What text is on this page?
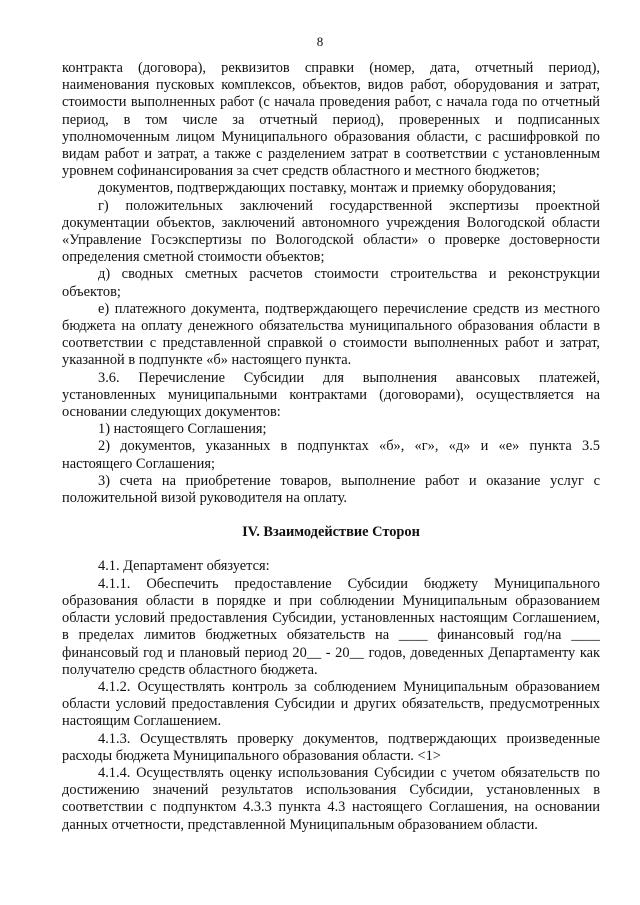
8

контракта (договора), реквизитов справки (номер, дата, отчетный период), наименования пусковых комплексов, объектов, видов работ, оборудования и затрат, стоимости выполненных работ (с начала проведения работ, с начала года по отчетный период, в том числе за отчетный период), проверенных и подписанных уполномоченным лицом Муниципального образования области, с расшифровкой по видам работ и затрат, а также с разделением затрат в соответствии с установленным уровнем софинансирования за счет средств областного и местного бюджетов;

документов, подтверждающих поставку, монтаж и приемку оборудования;

г) положительных заключений государственной экспертизы проектной документации объектов, заключений автономного учреждения Вологодской области «Управление Госэкспертизы по Вологодской области» о проверке достоверности определения сметной стоимости объектов;

д) сводных сметных расчетов стоимости строительства и реконструкции объектов;

е) платежного документа, подтверждающего перечисление средств из местного бюджета на оплату денежного обязательства муниципального образования области в соответствии с представленной справкой о стоимости выполненных работ и затрат, указанной в подпункте «б» настоящего пункта.

3.6. Перечисление Субсидии для выполнения авансовых платежей, установленных муниципальными контрактами (договорами), осуществляется на основании следующих документов:

1) настоящего Соглашения;

2) документов, указанных в подпунктах «б», «г», «д» и «е» пункта 3.5 настоящего Соглашения;

3) счета на приобретение товаров, выполнение работ и оказание услуг с положительной визой руководителя на оплату.

IV. Взаимодействие Сторон

4.1. Департамент обязуется:

4.1.1. Обеспечить предоставление Субсидии бюджету Муниципального образования области в порядке и при соблюдении Муниципальным образованием области условий предоставления Субсидии, установленных настоящим Соглашением, в пределах лимитов бюджетных обязательств на ____ финансовый год/на ____ финансовый год и плановый период 20__ - 20__ годов, доведенных Департаменту как получателю средств областного бюджета.

4.1.2. Осуществлять контроль за соблюдением Муниципальным образованием области условий предоставления Субсидии и других обязательств, предусмотренных настоящим Соглашением.

4.1.3. Осуществлять проверку документов, подтверждающих произведенные расходы бюджета Муниципального образования области. <1>

4.1.4. Осуществлять оценку использования Субсидии с учетом обязательств по достижению значений результатов использования Субсидии, установленных в соответствии с подпунктом 4.3.3 пункта 4.3 настоящего Соглашения, на основании данных отчетности, представленной Муниципальным образованием области.
